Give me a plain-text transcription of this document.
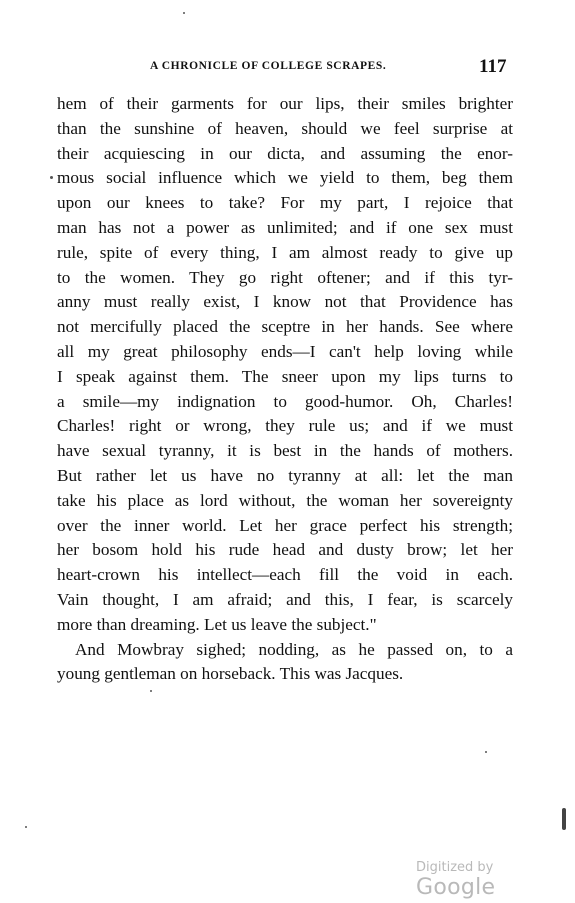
A CHRONICLE OF COLLEGE SCRAPES.	117
hem of their garments for our lips, their smiles brighter
than the sunshine of heaven, should we feel surprise at
their acquiescing in our dicta, and assuming the enor-
mous social influence which we yield to them, beg them
upon our knees to take? For my part, I rejoice that
man has not a power as unlimited; and if one sex must
rule, spite of every thing, I am almost ready to give up
to the women. They go right oftener; and if this tyr-
anny must really exist, I know not that Providence has
not mercifully placed the sceptre in her hands. See where
all my great philosophy ends—I can't help loving while
I speak against them. The sneer upon my lips turns to
a smile—my indignation to good-humor. Oh, Charles!
Charles! right or wrong, they rule us; and if we must
have sexual tyranny, it is best in the hands of mothers.
But rather let us have no tyranny at all: let the man
take his place as lord without, the woman her sovereignty
over the inner world. Let her grace perfect his strength;
her bosom hold his rude head and dusty brow; let her
heart-crown his intellect—each fill the void in each.
Vain thought, I am afraid; and this, I fear, is scarcely
more than dreaming. Let us leave the subject."
And Mowbray sighed; nodding, as he passed on, to a
young gentleman on horseback. This was Jacques.
Digitized by Google
